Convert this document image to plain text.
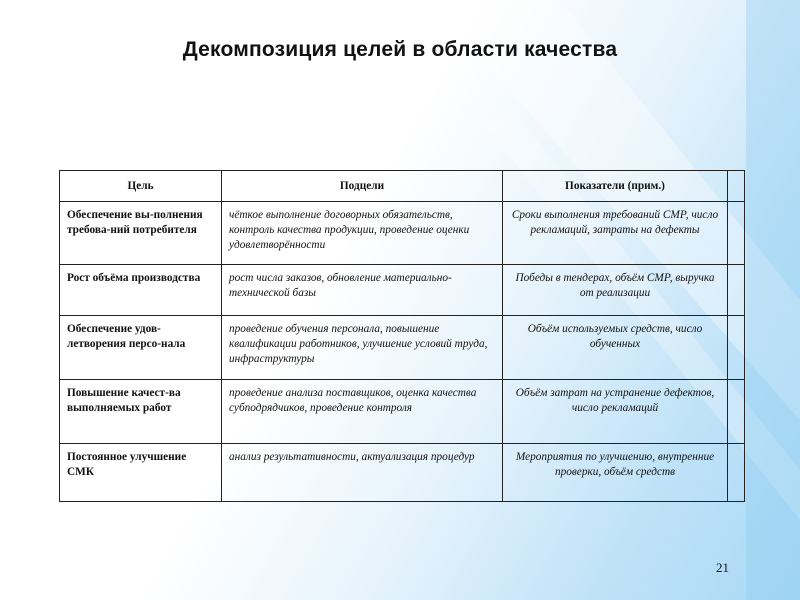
Декомпозиция целей в области качества
Цель	Подцели	Показатели (прим.)	
Обеспечение вы-полнения требова-ний потребителя	чёткое выполнение договорных обязательств, контроль качества продукции, проведение оценки удовлетворённости	Сроки выполнения требований СМР, число рекламаций, затраты на дефекты	
Рост объёма производства	рост числа заказов, обновление материально-технической базы	Победы в тендерах, объём СМР, выручка от реализации	
Обеспечение удов-летворения персо-нала	проведение обучения персонала, повышение квалификации работников, улучшение условий труда, инфраструктуры	Объём используемых средств, число обученных	
Повышение качест-ва выполняемых работ	проведение анализа поставщиков, оценка качества субподрядчиков, проведение контроля	Объём затрат на устранение дефектов, число рекламаций	
Постоянное улучшение СМК	анализ результативности, актуализация процедур	Мероприятия по улучшению, внутренние проверки, объём средств	
21
